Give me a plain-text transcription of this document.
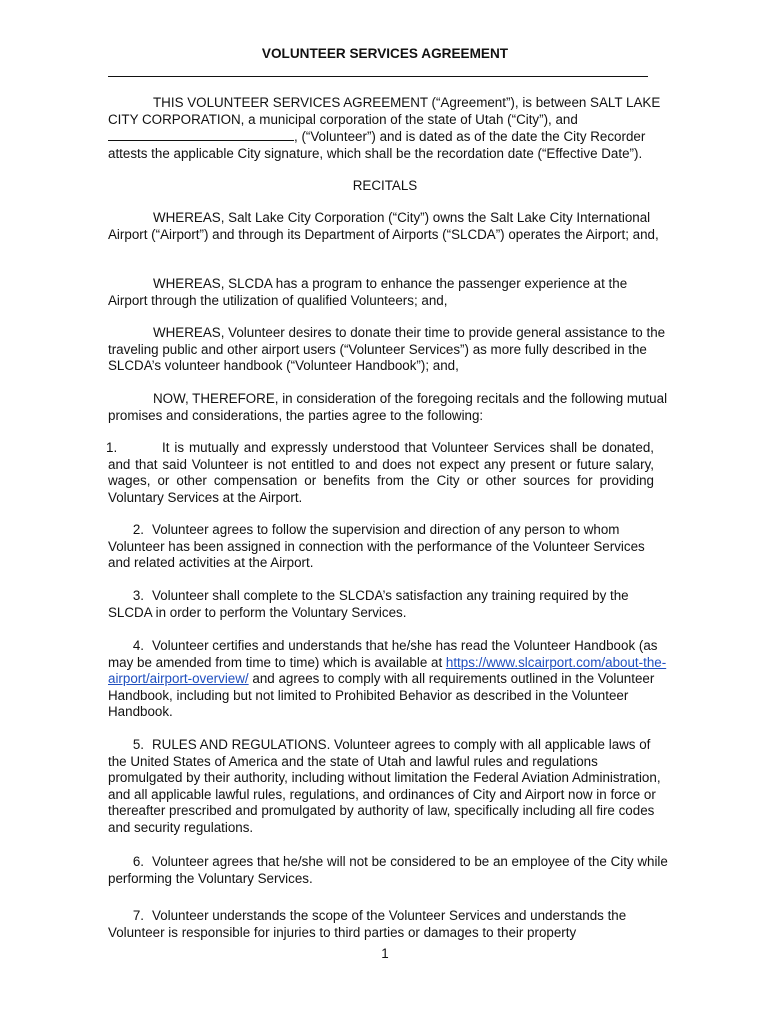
VOLUNTEER SERVICES AGREEMENT

THIS VOLUNTEER SERVICES AGREEMENT (“Agreement”), is between SALT LAKE CITY CORPORATION, a municipal corporation of the state of Utah (“City”), and
, (“Volunteer”) and is dated as of the date the City Recorder attests the applicable City signature, which shall be the recordation date (“Effective Date”).

RECITALS

WHEREAS, Salt Lake City Corporation (“City”) owns the Salt Lake City International Airport (“Airport”) and through its Department of Airports (“SLCDA”) operates the Airport; and,

WHEREAS, SLCDA has a program to enhance the passenger experience at the Airport through the utilization of qualified Volunteers; and,

WHEREAS, Volunteer desires to donate their time to provide general assistance to the traveling public and other airport users (“Volunteer Services”) as more fully described in the SLCDA’s volunteer handbook (“Volunteer Handbook”); and,

NOW, THEREFORE, in consideration of the foregoing recitals and the following mutual promises and considerations, the parties agree to the following:

1.	It is mutually and expressly understood that Volunteer Services shall be donated, and that said Volunteer is not entitled to and does not expect any present or future salary, wages, or other compensation or benefits from the City or other sources for providing Voluntary Services at the Airport.

2. Volunteer agrees to follow the supervision and direction of any person to whom Volunteer has been assigned in connection with the performance of the Volunteer Services and related activities at the Airport.

3. Volunteer shall complete to the SLCDA’s satisfaction any training required by the SLCDA in order to perform the Voluntary Services.

4. Volunteer certifies and understands that he/she has read the Volunteer Handbook (as may be amended from time to time) which is available at https://www.slcairport.com/about-the-airport/airport-overview/ and agrees to comply with all requirements outlined in the Volunteer Handbook, including but not limited to Prohibited Behavior as described in the Volunteer Handbook.

5. RULES AND REGULATIONS. Volunteer agrees to comply with all applicable laws of the United States of America and the state of Utah and lawful rules and regulations promulgated by their authority, including without limitation the Federal Aviation Administration, and all applicable lawful rules, regulations, and ordinances of City and Airport now in force or thereafter prescribed and promulgated by authority of law, specifically including all fire codes and security regulations.

6. Volunteer agrees that he/she will not be considered to be an employee of the City while performing the Voluntary Services.

7. Volunteer understands the scope of the Volunteer Services and understands the Volunteer is responsible for injuries to third parties or damages to their property

1
